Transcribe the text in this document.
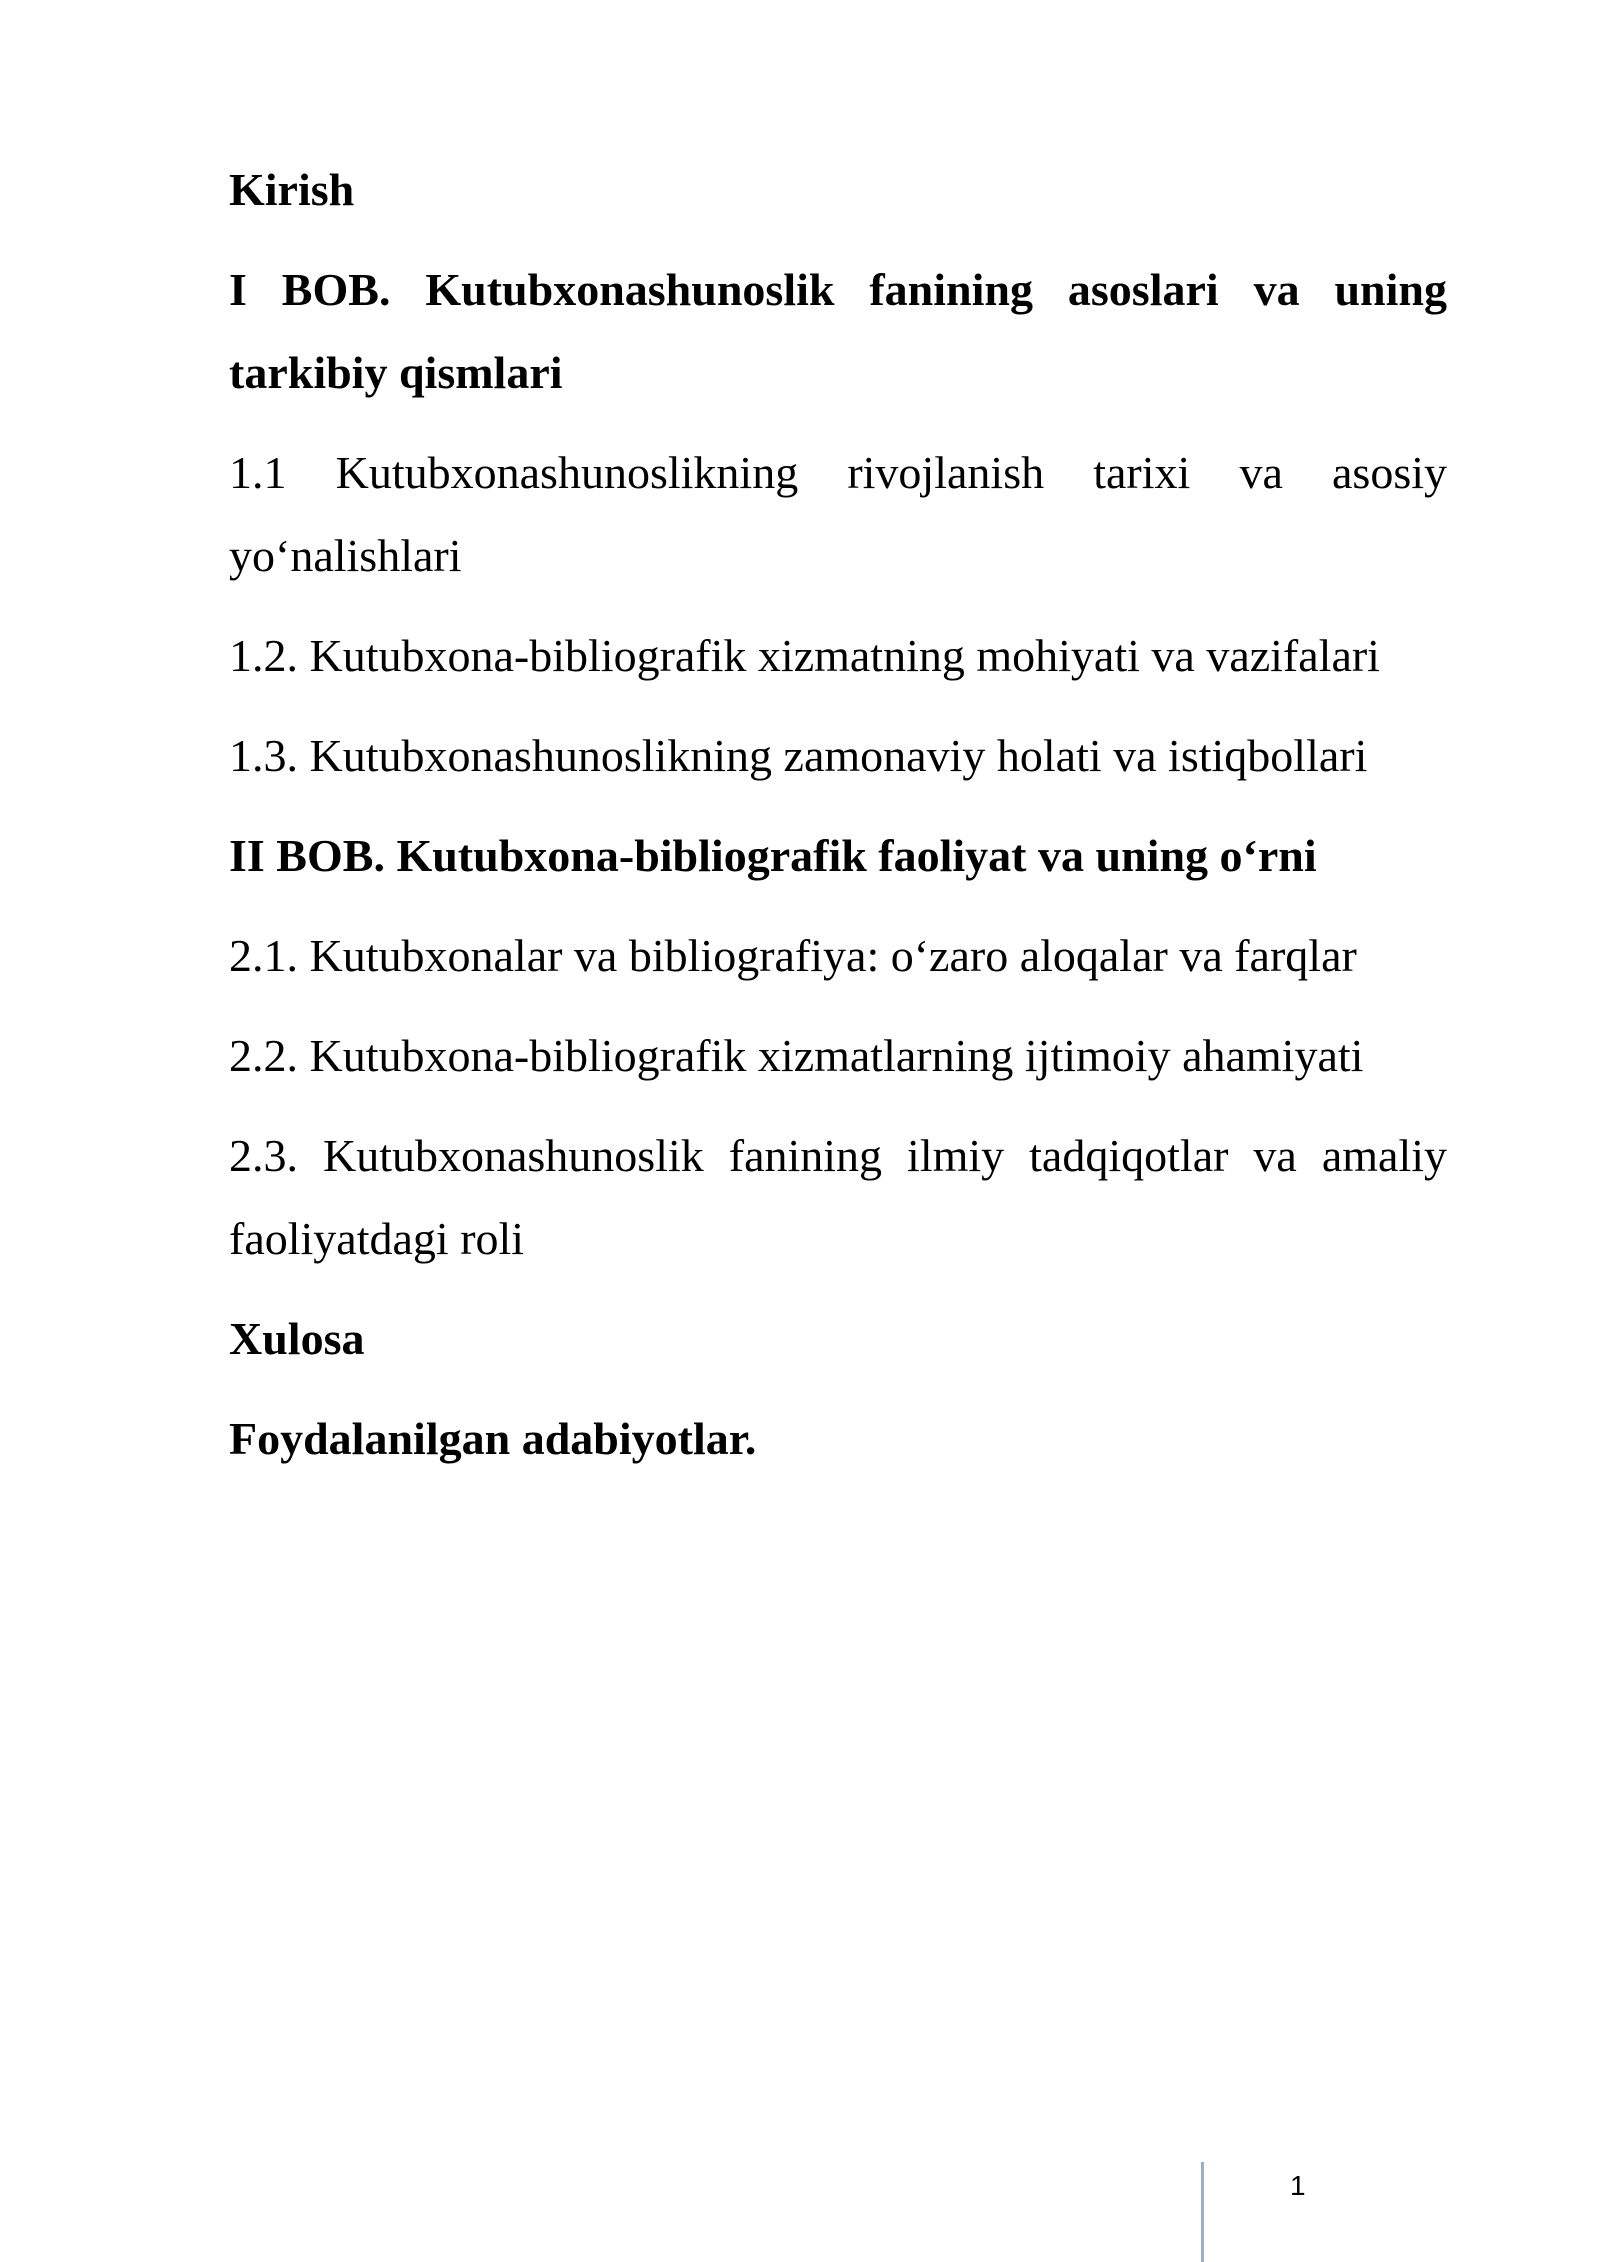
Kirish

I BOB. Kutubxonashunoslik fanining asoslari va uning tarkibiy qismlari

1.1 Kutubxonashunoslikning rivojlanish tarixi va asosiy yo‘nalishlari

1.2. Kutubxona-bibliografik xizmatning mohiyati va vazifalari

1.3. Kutubxonashunoslikning zamonaviy holati va istiqbollari

II BOB. Kutubxona-bibliografik faoliyat va uning o‘rni

2.1. Kutubxonalar va bibliografiya: o‘zaro aloqalar va farqlar

2.2. Kutubxona-bibliografik xizmatlarning ijtimoiy ahamiyati

2.3. Kutubxonashunoslik fanining ilmiy tadqiqotlar va amaliy faoliyatdagi roli

Xulosa

Foydalanilgan adabiyotlar.

1
